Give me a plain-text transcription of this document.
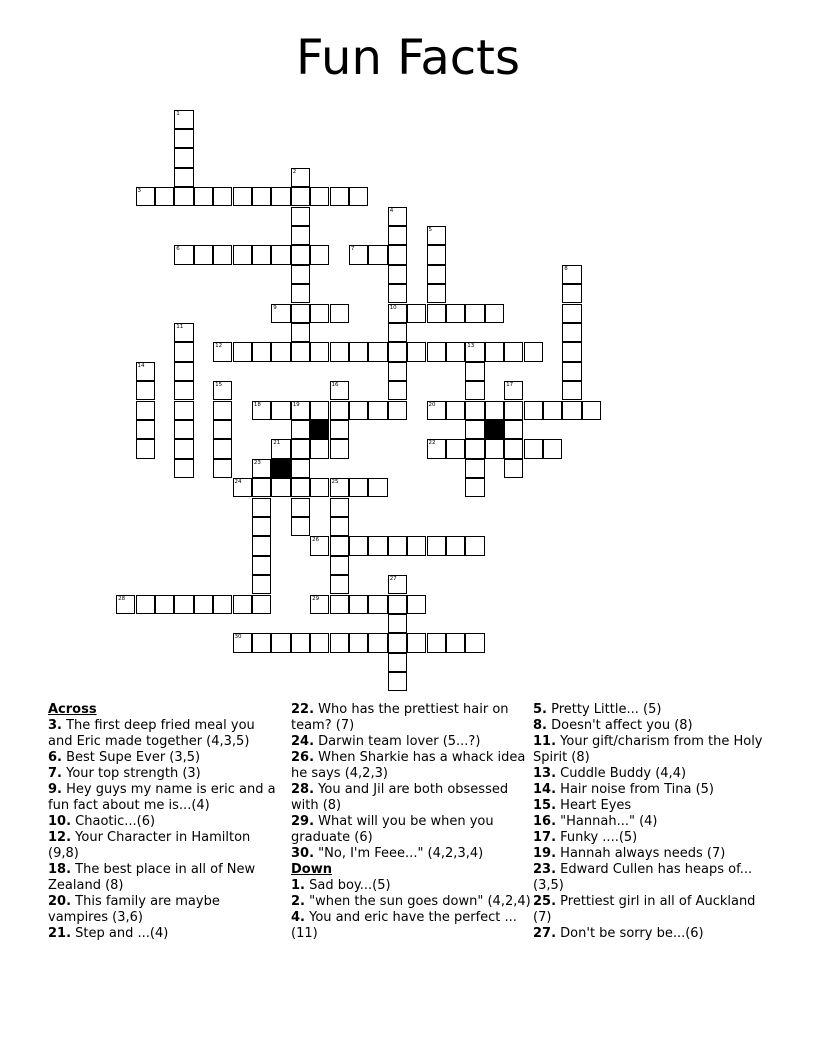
Fun Facts
1
2
3
4
10
5
6	7
8
9
11
12	13
14
15	16	17
18	19	20
21	22
23
24	25
26
27
28	29
30
Across
3. The first deep fried meal you and Eric made together (4,3,5)
6. Best Supe Ever (3,5)
7. Your top strength (3)
9. Hey guys my name is eric and a fun fact about me is...(4)
10. Chaotic...(6)
12. Your Character in Hamilton (9,8)
18. The best place in all of New Zealand (8)
20. This family are maybe vampires (3,6)
21. Step and ...(4)
22. Who has the prettiest hair on team? (7)
24. Darwin team lover (5...?)
26. When Sharkie has a whack idea he says (4,2,3)
28. You and Jil are both obsessed with (8)
29. What will you be when you graduate (6)
30. "No, I'm Feee..." (4,2,3,4)
Down
1. Sad boy...(5)
2. "when the sun goes down" (4,2,4)
4. You and eric have the perfect ...(11)
5. Pretty Little... (5)
8. Doesn't affect you (8)
11. Your gift/charism from the Holy Spirit (8)
13. Cuddle Buddy (4,4)
14. Hair noise from Tina (5)
15. Heart Eyes
16. "Hannah..." (4)
17. Funky ....(5)
19. Hannah always needs (7)
23. Edward Cullen has heaps of...(3,5)
25. Prettiest girl in all of Auckland (7)
27. Don't be sorry be...(6)
